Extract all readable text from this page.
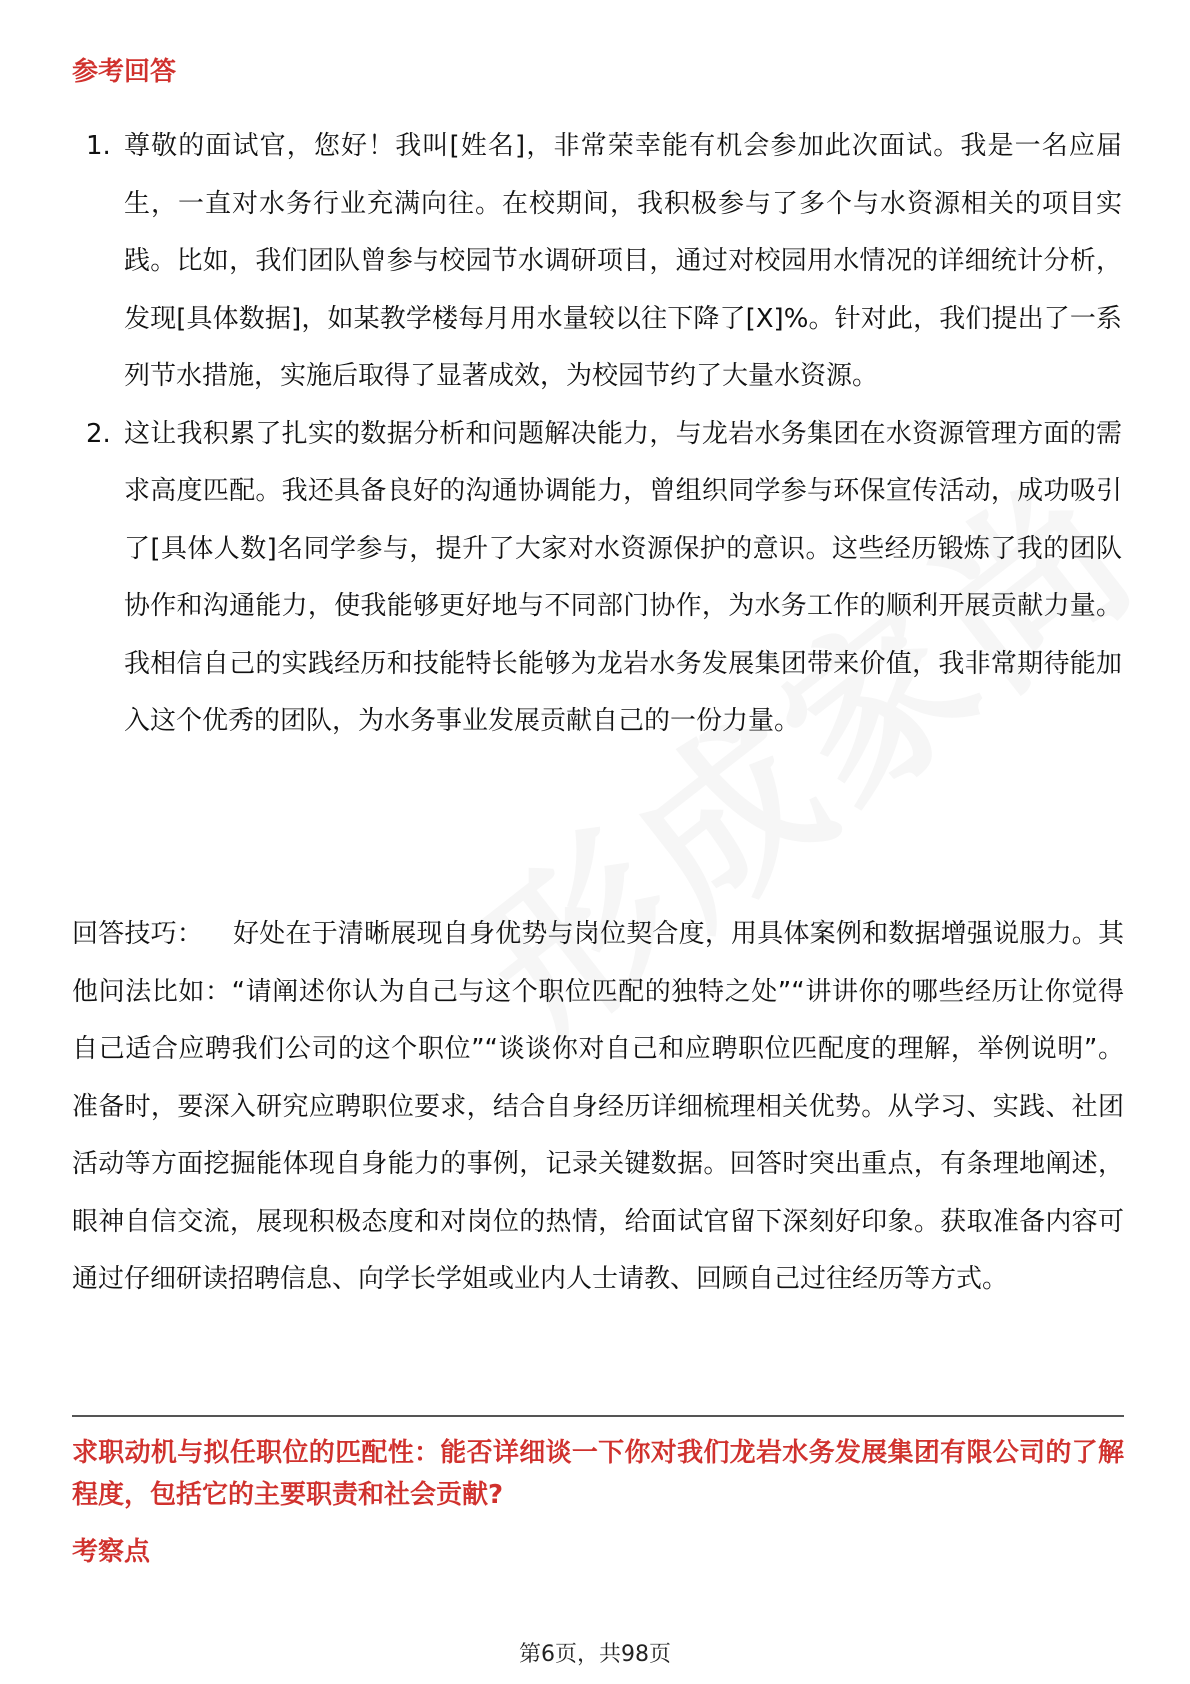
参考回答
1. 尊敬的面试官，您好！我叫[姓名]，非常荣幸能有机会参加此次面试。我是一名应届生，一直对水务行业充满向往。在校期间，我积极参与了多个与水资源相关的项目实践。比如，我们团队曾参与校园节水调研项目，通过对校园用水情况的详细统计分析，发现[具体数据]，如某教学楼每月用水量较以往下降了[X]%。针对此，我们提出了一系列节水措施，实施后取得了显著成效，为校园节约了大量水资源。
2. 这让我积累了扎实的数据分析和问题解决能力，与龙岩水务集团在水资源管理方面的需求高度匹配。我还具备良好的沟通协调能力，曾组织同学参与环保宣传活动，成功吸引了[具体人数]名同学参与，提升了大家对水资源保护的意识。这些经历锻炼了我的团队协作和沟通能力，使我能够更好地与不同部门协作，为水务工作的顺利开展贡献力量。我相信自己的实践经历和技能特长能够为龙岩水务发展集团带来价值，我非常期待能加入这个优秀的团队，为水务事业发展贡献自己的一份力量。

回答技巧： 好处在于清晰展现自身优势与岗位契合度，用具体案例和数据增强说服力。其他问法比如：“请阐述你认为自己与这个职位匹配的独特之处”“讲讲你的哪些经历让你觉得自己适合应聘我们公司的这个职位”“谈谈你对自己和应聘职位匹配度的理解，举例说明”。准备时，要深入研究应聘职位要求，结合自身经历详细梳理相关优势。从学习、实践、社团活动等方面挖掘能体现自身能力的事例，记录关键数据。回答时突出重点，有条理地阐述，眼神自信交流，展现积极态度和对岗位的热情，给面试官留下深刻好印象。获取准备内容可通过仔细研读招聘信息、向学长学姐或业内人士请教、回顾自己过往经历等方式。

求职动机与拟任职位的匹配性：能否详细谈一下你对我们龙岩水务发展集团有限公司的了解程度，包括它的主要职责和社会贡献?

考察点
第6页，共98页
